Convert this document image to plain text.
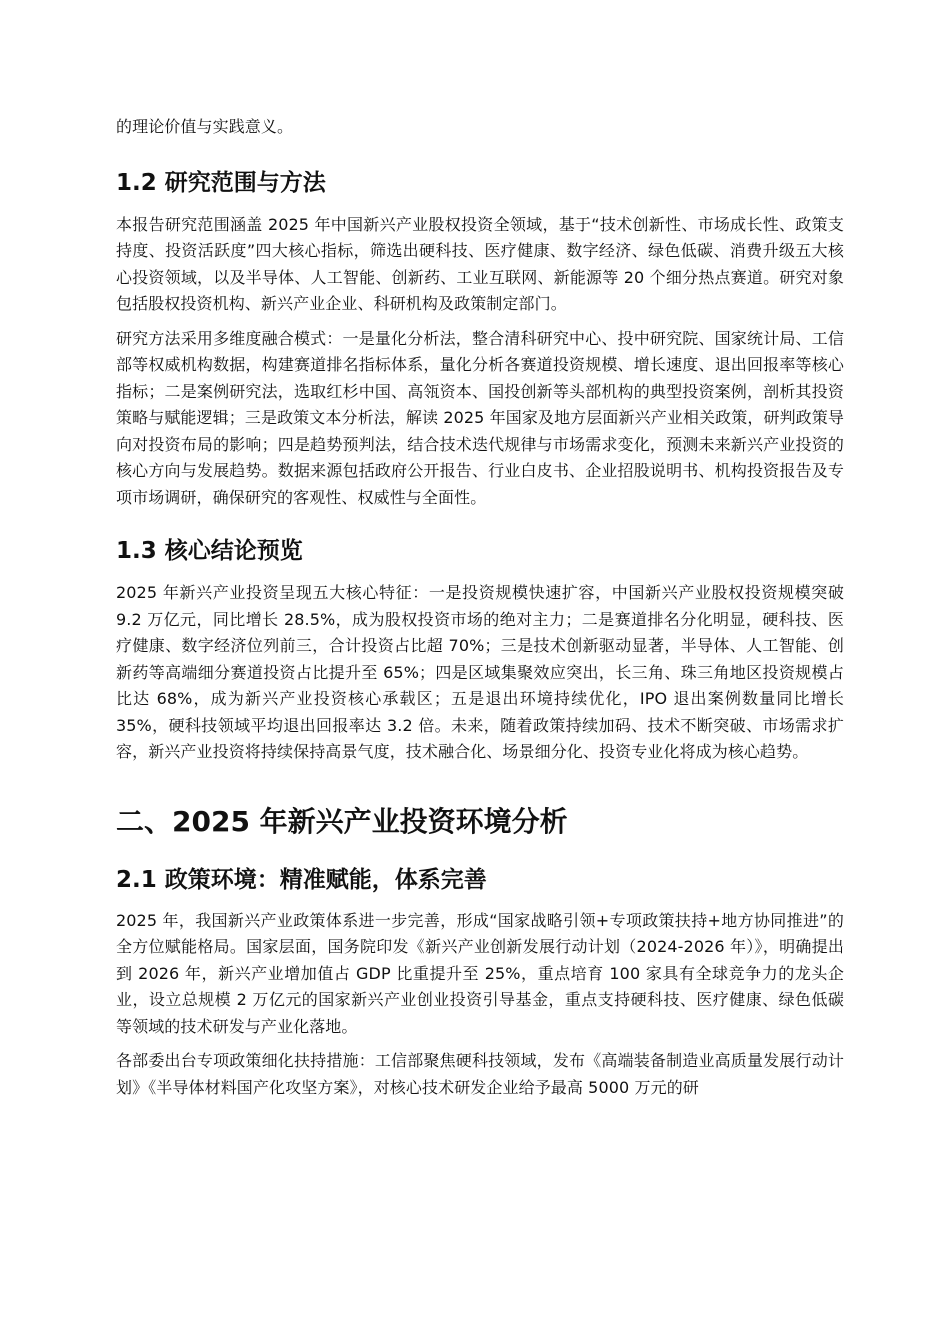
的理论价值与实践意义。

1.2 研究范围与方法

本报告研究范围涵盖 2025 年中国新兴产业股权投资全领域，基于“技术创新性、市场成长性、政策支持度、投资活跃度”四大核心指标，筛选出硬科技、医疗健康、数字经济、绿色低碳、消费升级五大核心投资领域，以及半导体、人工智能、创新药、工业互联网、新能源等 20 个细分热点赛道。研究对象包括股权投资机构、新兴产业企业、科研机构及政策制定部门。

研究方法采用多维度融合模式：一是量化分析法，整合清科研究中心、投中研究院、国家统计局、工信部等权威机构数据，构建赛道排名指标体系，量化分析各赛道投资规模、增长速度、退出回报率等核心指标；二是案例研究法，选取红杉中国、高瓴资本、国投创新等头部机构的典型投资案例，剖析其投资策略与赋能逻辑；三是政策文本分析法，解读 2025 年国家及地方层面新兴产业相关政策，研判政策导向对投资布局的影响；四是趋势预判法，结合技术迭代规律与市场需求变化，预测未来新兴产业投资的核心方向与发展趋势。数据来源包括政府公开报告、行业白皮书、企业招股说明书、机构投资报告及专项市场调研，确保研究的客观性、权威性与全面性。

1.3 核心结论预览

2025 年新兴产业投资呈现五大核心特征：一是投资规模快速扩容，中国新兴产业股权投资规模突破 9.2 万亿元，同比增长 28.5%，成为股权投资市场的绝对主力；二是赛道排名分化明显，硬科技、医疗健康、数字经济位列前三，合计投资占比超 70%；三是技术创新驱动显著，半导体、人工智能、创新药等高端细分赛道投资占比提升至 65%；四是区域集聚效应突出，长三角、珠三角地区投资规模占比达 68%，成为新兴产业投资核心承载区；五是退出环境持续优化，IPO 退出案例数量同比增长 35%，硬科技领域平均退出回报率达 3.2 倍。未来，随着政策持续加码、技术不断突破、市场需求扩容，新兴产业投资将持续保持高景气度，技术融合化、场景细分化、投资专业化将成为核心趋势。

二、2025 年新兴产业投资环境分析
2.1 政策环境：精准赋能，体系完善

2025 年，我国新兴产业政策体系进一步完善，形成“国家战略引领+专项政策扶持+地方协同推进”的全方位赋能格局。国家层面，国务院印发《新兴产业创新发展行动计划（2024-2026 年）》，明确提出到 2026 年，新兴产业增加值占 GDP 比重提升至 25%，重点培育 100 家具有全球竞争力的龙头企业，设立总规模 2 万亿元的国家新兴产业创业投资引导基金，重点支持硬科技、医疗健康、绿色低碳等领域的技术研发与产业化落地。

各部委出台专项政策细化扶持措施：工信部聚焦硬科技领域，发布《高端装备制造业高质量发展行动计划》《半导体材料国产化攻坚方案》，对核心技术研发企业给予最高 5000 万元的研
